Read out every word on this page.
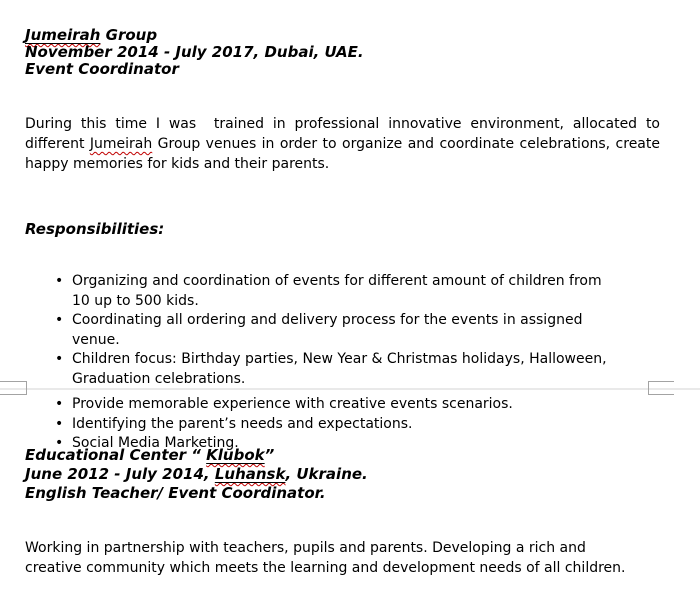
Jumeirah Group
November 2014 - July 2017, Dubai, UAE.
Event Coordinator
During this time I was  trained in professional innovative environment, allocated to different Jumeirah Group venues in order to organize and coordinate celebrations, create happy memories for kids and their parents.
Responsibilities:
• Organizing and coordination of events for different amount of children from 10 up to 500 kids.
• Coordinating all ordering and delivery process for the events in assigned venue.
• Children focus: Birthday parties, New Year & Christmas holidays, Halloween, Graduation celebrations.
• Provide memorable experience with creative events scenarios.
• Identifying the parent’s needs and expectations.
• Social Media Marketing.
Educational Center “ Klubok”
June 2012 - July 2014, Luhansk, Ukraine.
English Teacher/ Event Coordinator.
Working in partnership with teachers, pupils and parents. Developing a rich and creative community which meets the learning and development needs of all children.
